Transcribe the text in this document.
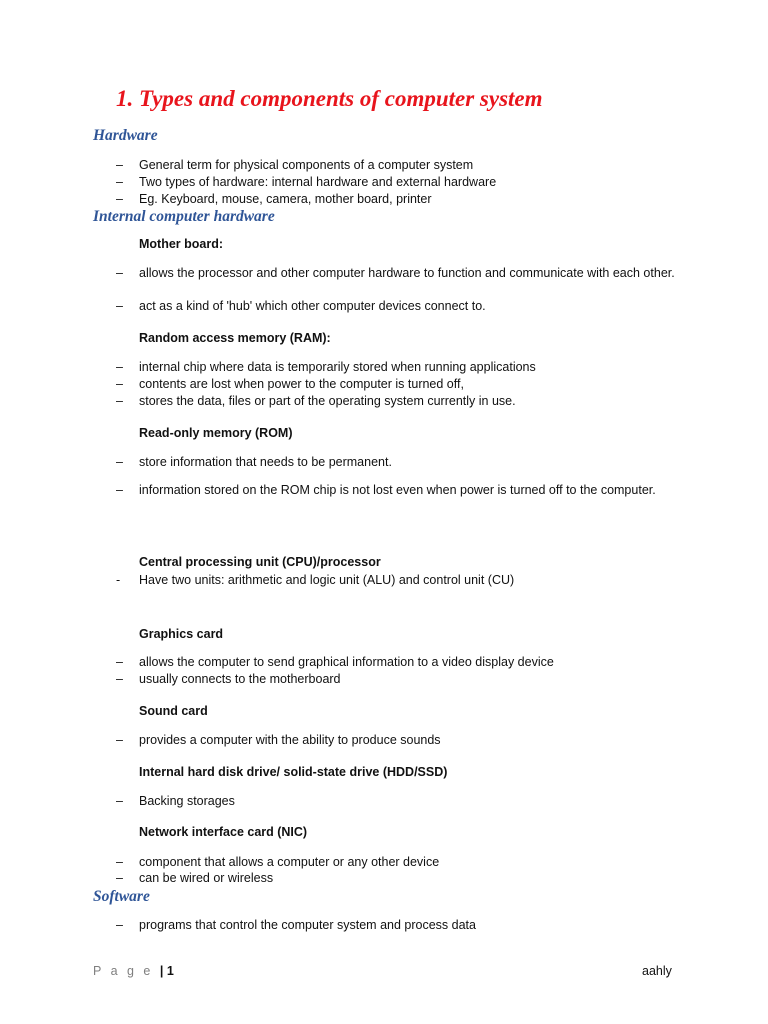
1. Types and components of computer system
Hardware
– General term for physical components of a computer system
– Two types of hardware: internal hardware and external hardware
– Eg. Keyboard, mouse, camera, mother board, printer
Internal computer hardware
Mother board:
– allows the processor and other computer hardware to function and communicate with each other.
– act as a kind of 'hub' which other computer devices connect to.
Random access memory (RAM):
– internal chip where data is temporarily stored when running applications
– contents are lost when power to the computer is turned off,
– stores the data, files or part of the operating system currently in use.
Read-only memory (ROM)
– store information that needs to be permanent.
– information stored on the ROM chip is not lost even when power is turned off to the computer.
Central processing unit (CPU)/processor
- Have two units: arithmetic and logic unit (ALU) and control unit (CU)
Graphics card
– allows the computer to send graphical information to a video display device
– usually connects to the motherboard
Sound card
– provides a computer with the ability to produce sounds
Internal hard disk drive/ solid-state drive (HDD/SSD)
– Backing storages
Network interface card (NIC)
– component that allows a computer or any other device
– can be wired or wireless
Software
– programs that control the computer system and process data
P a g e | 1	aahly
